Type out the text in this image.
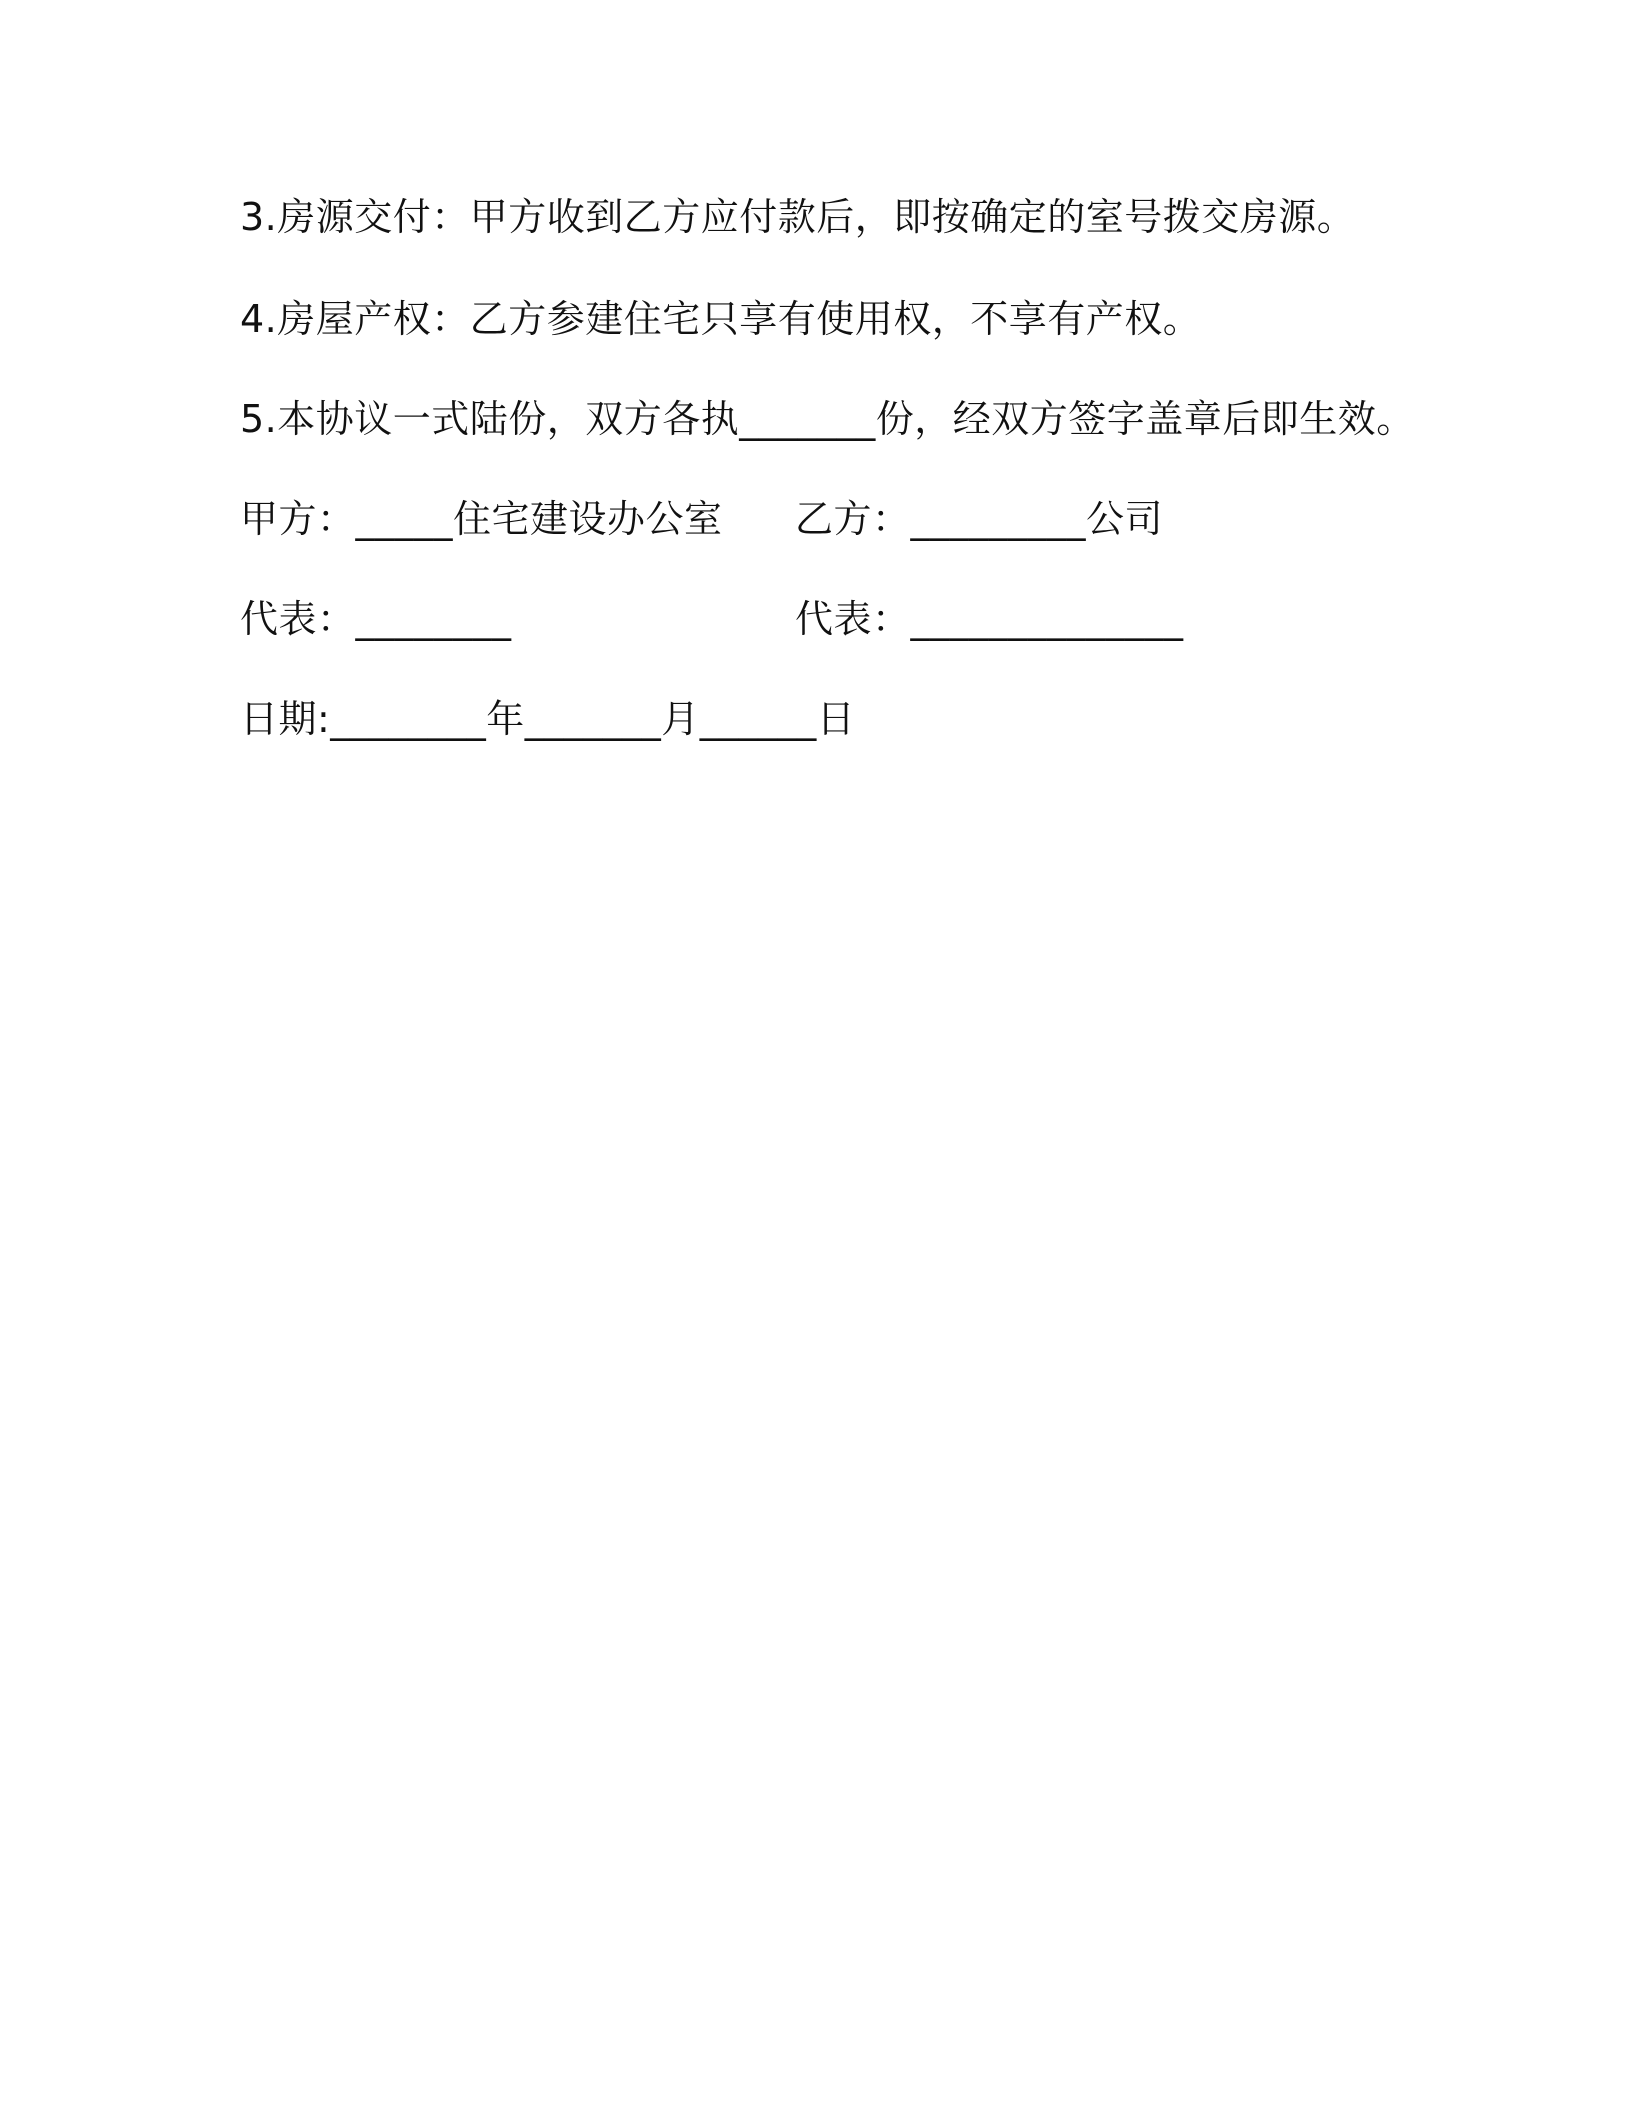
3.房源交付：甲方收到乙方应付款后，即按确定的室号拨交房源。
4.房屋产权：乙方参建住宅只享有使用权，不享有产权。
5.本协议一式陆份，双方各执_______份，经双方签字盖章后即生效。
甲方：_____住宅建设办公室 乙方：_________公司
代表：________	代表：______________
日期:________年_______月______日
